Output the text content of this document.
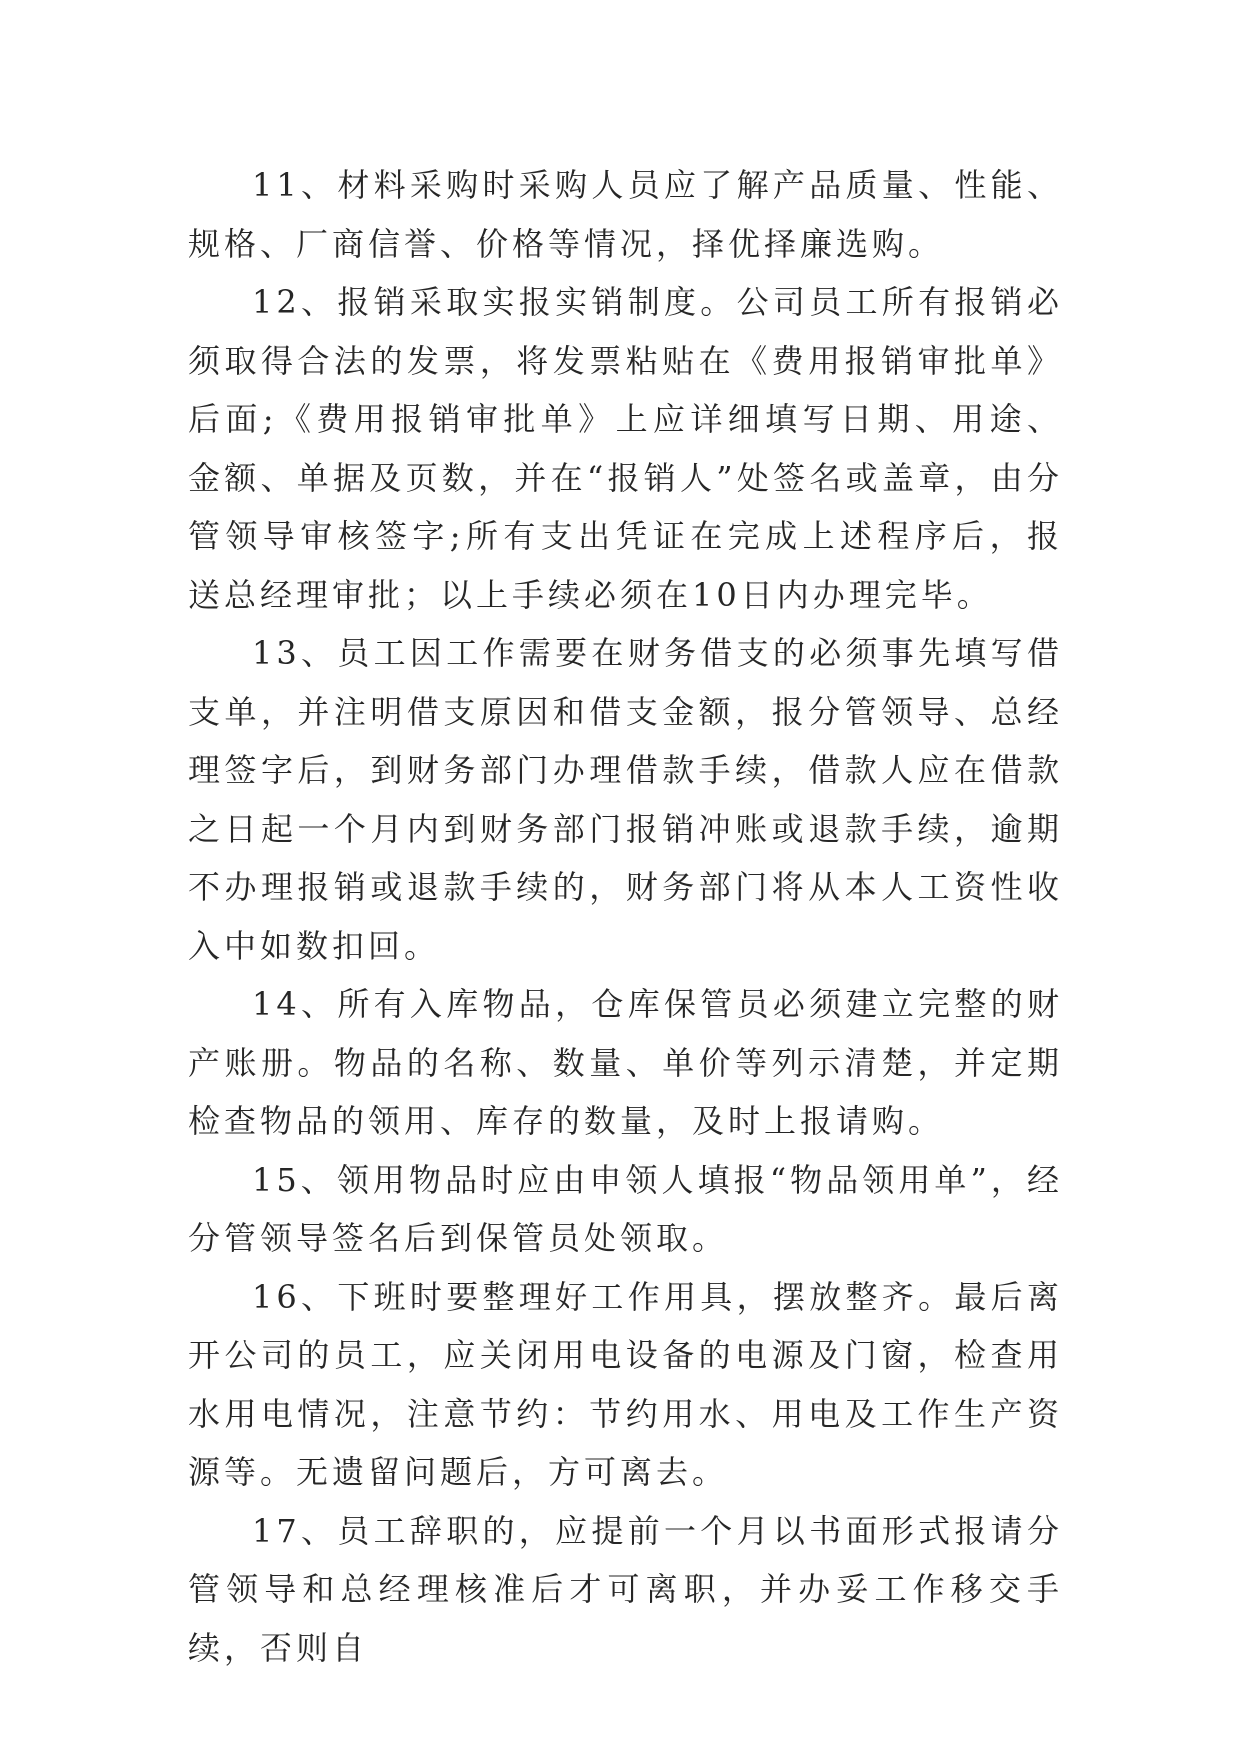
11、材料采购时采购人员应了解产品质量、性能、规格、厂商信誉、价格等情况，择优择廉选购。

12、报销采取实报实销制度。公司员工所有报销必须取得合法的发票，将发票粘贴在《费用报销审批单》后面;《费用报销审批单》上应详细填写日期、用途、金额、单据及页数，并在“报销人”处签名或盖章，由分管领导审核签字;所有支出凭证在完成上述程序后，报送总经理审批；以上手续必须在10日内办理完毕。

13、员工因工作需要在财务借支的必须事先填写借支单，并注明借支原因和借支金额，报分管领导、总经理签字后，到财务部门办理借款手续，借款人应在借款之日起一个月内到财务部门报销冲账或退款手续，逾期不办理报销或退款手续的，财务部门将从本人工资性收入中如数扣回。

14、所有入库物品，仓库保管员必须建立完整的财产账册。物品的名称、数量、单价等列示清楚，并定期检查物品的领用、库存的数量，及时上报请购。

15、领用物品时应由申领人填报“物品领用单”，经分管领导签名后到保管员处领取。

16、下班时要整理好工作用具，摆放整齐。最后离开公司的员工，应关闭用电设备的电源及门窗，检查用水用电情况，注意节约：节约用水、用电及工作生产资源等。无遗留问题后，方可离去。

17、员工辞职的，应提前一个月以书面形式报请分管领导和总经理核准后才可离职，并办妥工作移交手续，否则自
